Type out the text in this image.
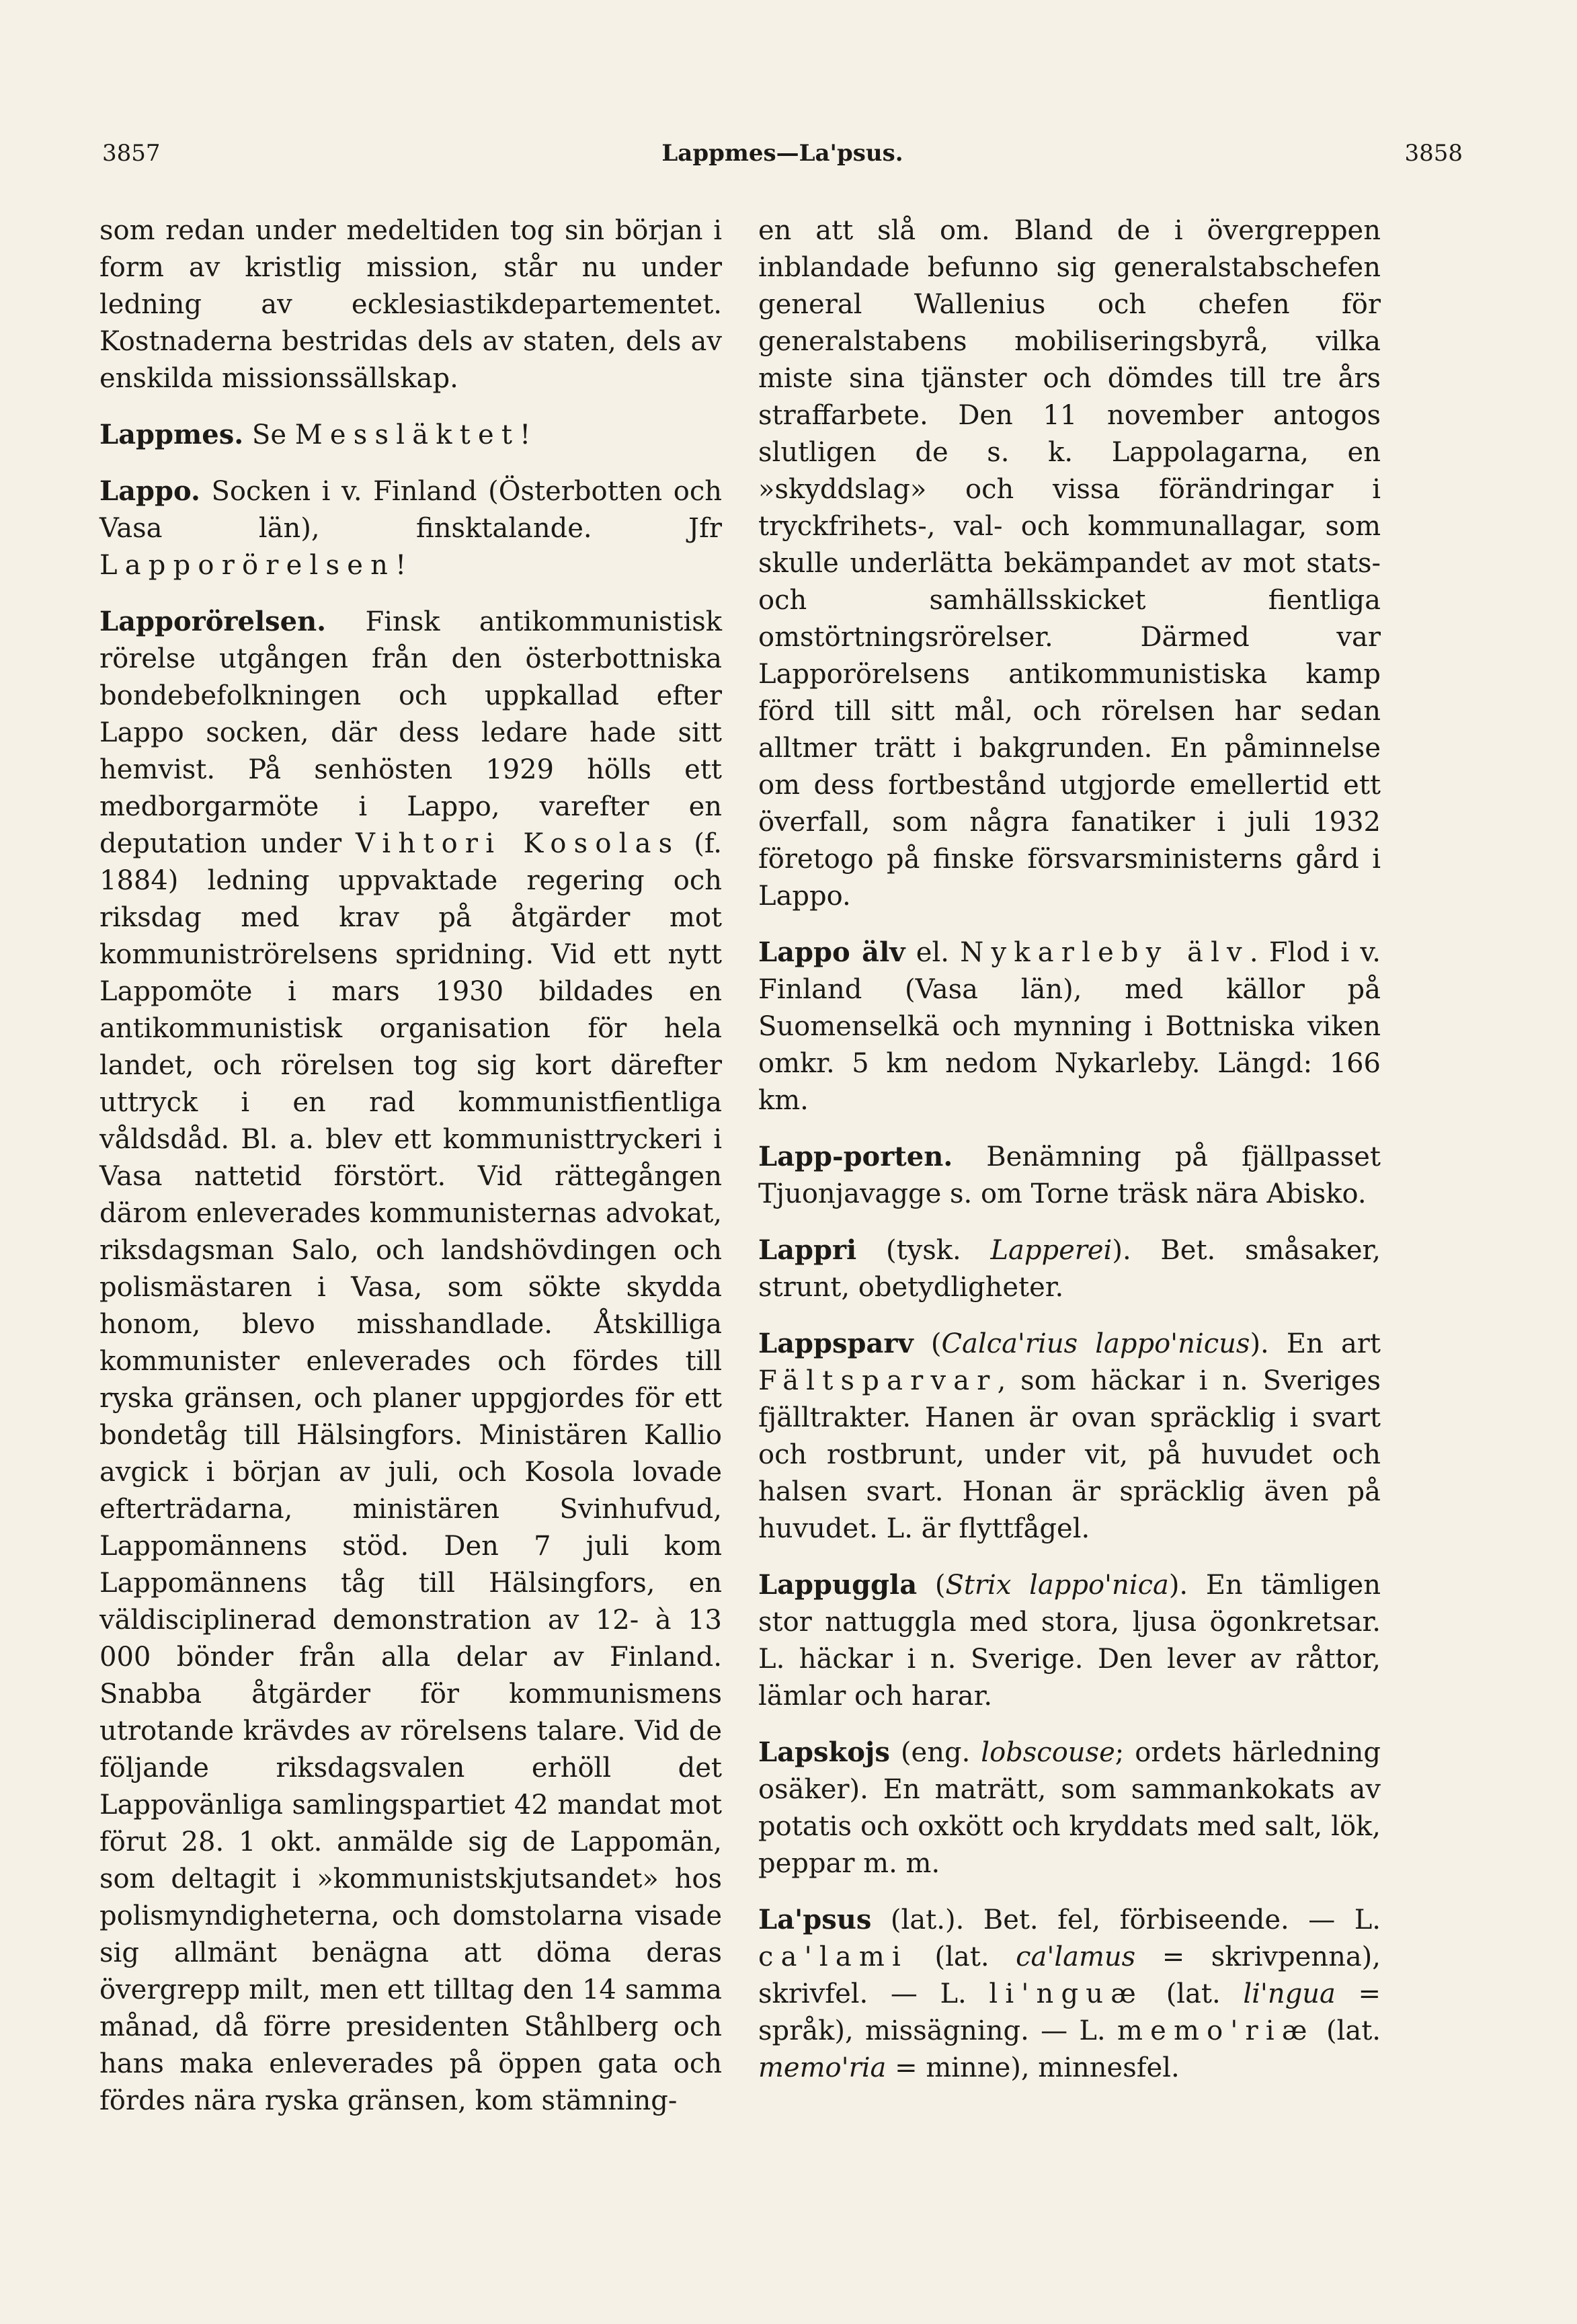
3857	Lappmes—La'psus.	3858

som redan under medeltiden tog sin början i form av kristlig mission, står nu under ledning av ecklesiastikdepartementet. Kostnaderna bestridas dels av staten, dels av enskilda missionssällskap.

Lappmes. Se Messläktet!

Lappo. Socken i v. Finland (Österbotten och Vasa län), finsktalande. Jfr Lapporörelsen!

Lapporörelsen. Finsk antikommunistisk rörelse utgången från den österbottniska bondebefolkningen och uppkallad efter Lappo socken, där dess ledare hade sitt hemvist. På senhösten 1929 hölls ett medborgarmöte i Lappo, varefter en deputation under Vihtori Kosolas (f. 1884) ledning uppvaktade regering och riksdag med krav på åtgärder mot kommuniströrelsens spridning. Vid ett nytt Lappomöte i mars 1930 bildades en antikommunistisk organisation för hela landet, och rörelsen tog sig kort därefter uttryck i en rad kommunistfientliga våldsdåd. Bl. a. blev ett kommunisttryckeri i Vasa nattetid förstört. Vid rättegången därom enleverades kommunisternas advokat, riksdagsman Salo, och landshövdingen och polismästaren i Vasa, som sökte skydda honom, blevo misshandlade. Åtskilliga kommunister enleverades och fördes till ryska gränsen, och planer uppgjordes för ett bondetåg till Hälsingfors. Ministären Kallio avgick i början av juli, och Kosola lovade efterträdarna, ministären Svinhufvud, Lappomännens stöd. Den 7 juli kom Lappomännens tåg till Hälsingfors, en väldisciplinerad demonstration av 12- à 13 000 bönder från alla delar av Finland. Snabba åtgärder för kommunismens utrotande krävdes av rörelsens talare. Vid de följande riksdagsvalen erhöll det Lappovänliga samlingspartiet 42 mandat mot förut 28. 1 okt. anmälde sig de Lappomän, som deltagit i »kommunistskjutsandet» hos polismyndigheterna, och domstolarna visade sig allmänt benägna att döma deras övergrepp milt, men ett tilltag den 14 samma månad, då förre presidenten Ståhlberg och hans maka enleverades på öppen gata och fördes nära ryska gränsen, kom stämning-

en att slå om. Bland de i övergreppen inblandade befunno sig generalstabschefen general Wallenius och chefen för generalstabens mobiliseringsbyrå, vilka miste sina tjänster och dömdes till tre års straffarbete. Den 11 november antogos slutligen de s. k. Lappolagarna, en »skyddslag» och vissa förändringar i tryckfrihets-, val- och kommunallagar, som skulle underlätta bekämpandet av mot stats- och samhällsskicket fientliga omstörtningsrörelser. Därmed var Lapporörelsens antikommunistiska kamp förd till sitt mål, och rörelsen har sedan alltmer trätt i bakgrunden. En påminnelse om dess fortbestånd utgjorde emellertid ett överfall, som några fanatiker i juli 1932 företogo på finske försvarsministerns gård i Lappo.

Lappo älv el. Nykarleby älv. Flod i v. Finland (Vasa län), med källor på Suomenselkä och mynning i Bottniska viken omkr. 5 km nedom Nykarleby. Längd: 166 km.

Lapp-porten. Benämning på fjällpasset Tjuonjavagge s. om Torne träsk nära Abisko.

Lappri (tysk. Lapperei). Bet. småsaker, strunt, obetydligheter.

Lappsparv (Calca'rius lappo'nicus). En art Fältsparvar, som häckar i n. Sveriges fjälltrakter. Hanen är ovan spräcklig i svart och rostbrunt, under vit, på huvudet och halsen svart. Honan är spräcklig även på huvudet. L. är flyttfågel.

Lappuggla (Strix lappo'nica). En tämligen stor nattuggla med stora, ljusa ögonkretsar. L. häckar i n. Sverige. Den lever av råttor, lämlar och harar.

Lapskojs (eng. lobscouse; ordets härledning osäker). En maträtt, som sammankokats av potatis och oxkött och kryddats med salt, lök, peppar m. m.

La'psus (lat.). Bet. fel, förbiseende. — L. ca'lami (lat. ca'lamus = skrivpenna), skrivfel. — L. li'nguæ (lat. li'ngua = språk), missägning. — L. memo'riæ (lat. memo'ria = minne), minnesfel.
